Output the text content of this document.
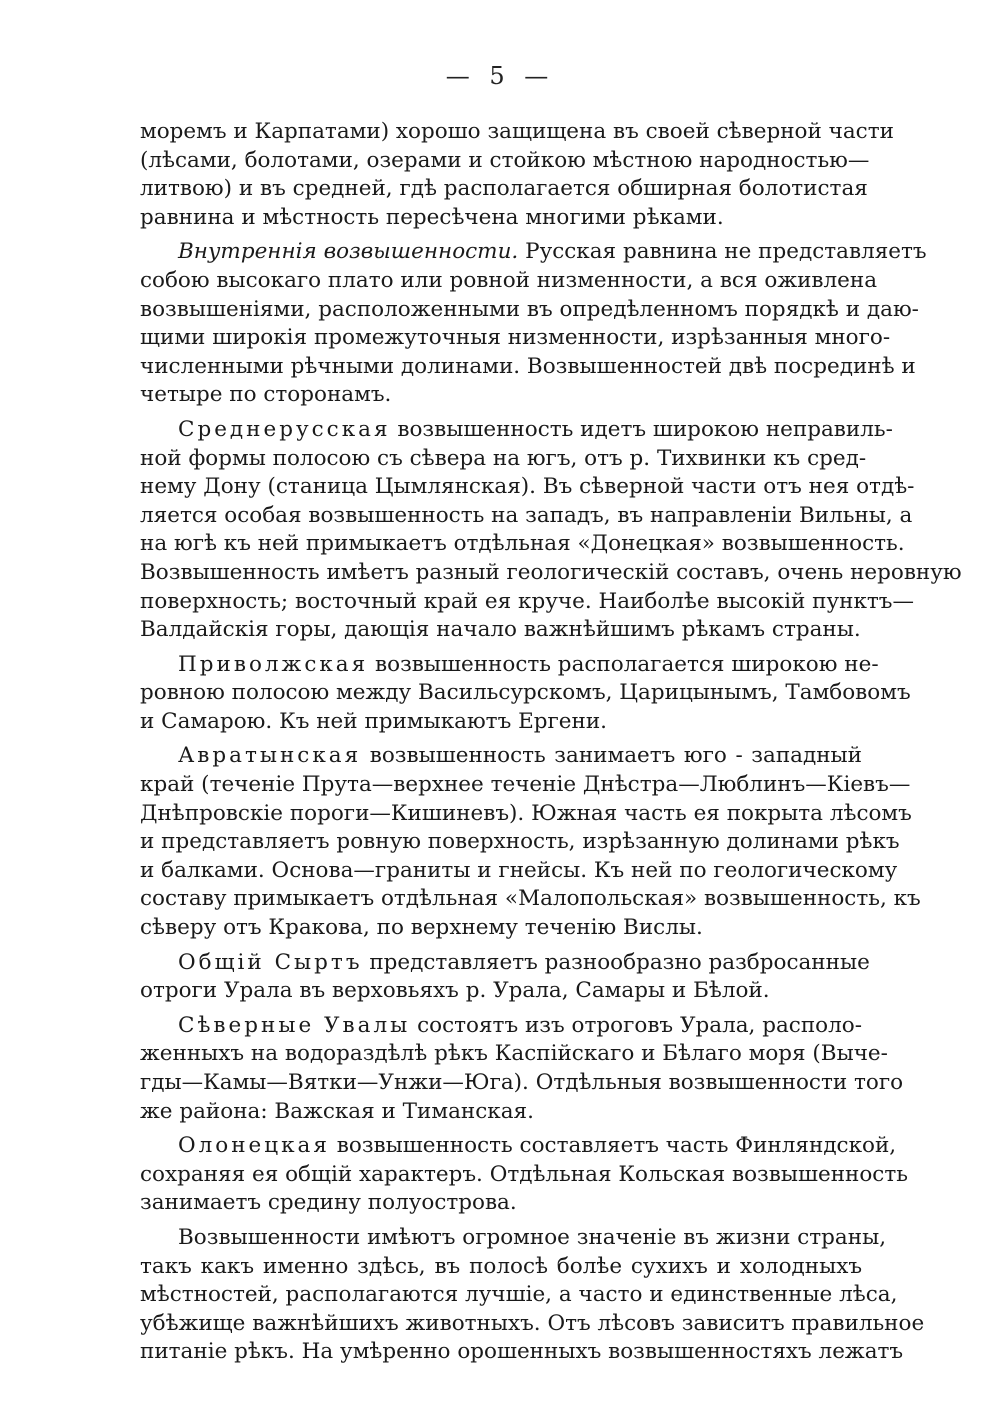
— 5 —

моремъ и Карпатами) хорошо защищена въ своей сѣверной части
(лѣсами, болотами, озерами и стойкою мѣстною народностью—
литвою) и въ средней, гдѣ располагается обширная болотистая
равнина и мѣстность пересѣчена многими рѣками.

Внутреннія возвышенности. Русская равнина не представляетъ
собою высокаго плато или ровной низменности, а вся оживлена
возвышеніями, расположенными въ опредѣленномъ порядкѣ и даю-
щими широкія промежуточныя низменности, изрѣзанныя много-
численными рѣчными долинами. Возвышенностей двѣ посрединѣ и
четыре по сторонамъ.

Среднерусская возвышенность идетъ широкою неправиль-
ной формы полосою съ сѣвера на югъ, отъ р. Тихвинки къ сред-
нему Дону (станица Цымлянская). Въ сѣверной части отъ нея отдѣ-
ляется особая возвышенность на западъ, въ направленіи Вильны, а
на югѣ къ ней примыкаетъ отдѣльная «Донецкая» возвышенность.
Возвышенность имѣетъ разный геологическій составъ, очень неровную
поверхность; восточный край ея круче. Наиболѣе высокій пунктъ—
Валдайскія горы, дающія начало важнѣйшимъ рѣкамъ страны.

Приволжская возвышенность располагается широкою не-
ровною полосою между Васильсурскомъ, Царицынымъ, Тамбовомъ
и Самарою. Къ ней примыкаютъ Ергени.

Авратынская возвышенность занимаетъ юго - западный
край (теченіе Прута—верхнее теченіе Днѣстра—Люблинъ—Кіевъ—
Днѣпровскіе пороги—Кишиневъ). Южная часть ея покрыта лѣсомъ
и представляетъ ровную поверхность, изрѣзанную долинами рѣкъ
и балками. Основа—граниты и гнейсы. Къ ней по геологическому
составу примыкаетъ отдѣльная «Малопольская» возвышенность, къ
сѣверу отъ Кракова, по верхнему теченію Вислы.

Общій Сыртъ представляетъ разнообразно разбросанные
отроги Урала въ верховьяхъ р. Урала, Самары и Бѣлой.

Сѣверные Увалы состоятъ изъ отроговъ Урала, располо-
женныхъ на водораздѣлѣ рѣкъ Каспійскаго и Бѣлаго моря (Выче-
гды—Камы—Вятки—Унжи—Юга). Отдѣльныя возвышенности того
же района: Важская и Тиманская.

Олонецкая возвышенность составляетъ часть Финляндской,
сохраняя ея общій характеръ. Отдѣльная Кольская возвышенность
занимаетъ средину полуострова.

Возвышенности имѣютъ огромное значеніе въ жизни страны,
такъ какъ именно здѣсь, въ полосѣ болѣе сухихъ и холодныхъ
мѣстностей, располагаются лучшіе, а часто и единственные лѣса,
убѣжище важнѣйшихъ животныхъ. Отъ лѣсовъ зависитъ правильное
питаніе рѣкъ. На умѣренно орошенныхъ возвышенностяхъ лежатъ
